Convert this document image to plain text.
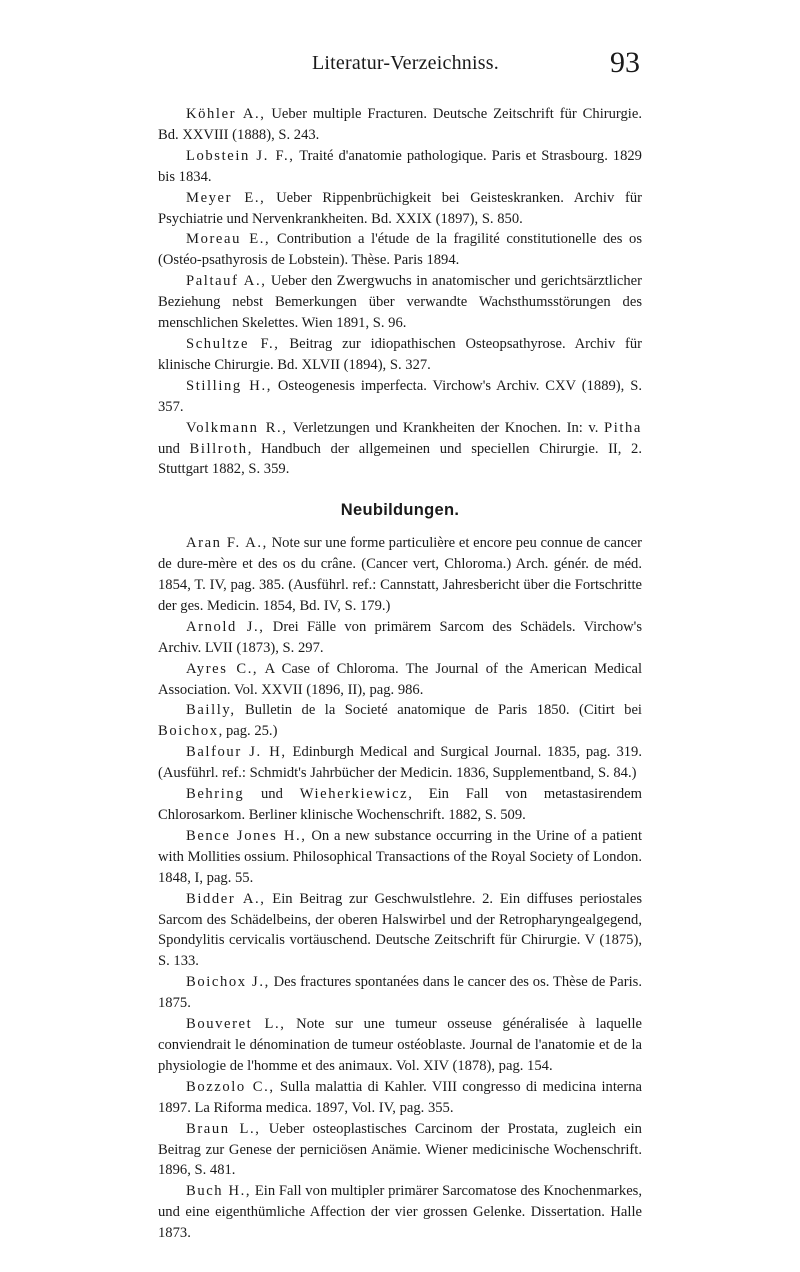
Literatur-Verzeichniss.	93

Köhler A., Ueber multiple Fracturen. Deutsche Zeitschrift für Chirurgie. Bd. XXVIII (1888), S. 243.

Lobstein J. F., Traité d'anatomie pathologique. Paris et Strasbourg. 1829 bis 1834.

Meyer E., Ueber Rippenbrüchigkeit bei Geisteskranken. Archiv für Psychiatrie und Nervenkrankheiten. Bd. XXIX (1897), S. 850.

Moreau E., Contribution a l'étude de la fragilité constitutionelle des os (Ostéo-psathyrosis de Lobstein). Thèse. Paris 1894.

Paltauf A., Ueber den Zwergwuchs in anatomischer und gerichtsärztlicher Beziehung nebst Bemerkungen über verwandte Wachsthumsstörungen des menschlichen Skelettes. Wien 1891, S. 96.

Schultze F., Beitrag zur idiopathischen Osteopsathyrose. Archiv für klinische Chirurgie. Bd. XLVII (1894), S. 327.

Stilling H., Osteogenesis imperfecta. Virchow's Archiv. CXV (1889), S. 357.

Volkmann R., Verletzungen und Krankheiten der Knochen. In: v. Pitha und Billroth, Handbuch der allgemeinen und speciellen Chirurgie. II, 2. Stuttgart 1882, S. 359.

Neubildungen.

Aran F. A., Note sur une forme particulière et encore peu connue de cancer de dure-mère et des os du crâne. (Cancer vert, Chloroma.) Arch. génér. de méd. 1854, T. IV, pag. 385. (Ausführl. ref.: Cannstatt, Jahresbericht über die Fortschritte der ges. Medicin. 1854, Bd. IV, S. 179.)

Arnold J., Drei Fälle von primärem Sarcom des Schädels. Virchow's Archiv. LVII (1873), S. 297.

Ayres C., A Case of Chloroma. The Journal of the American Medical Association. Vol. XXVII (1896, II), pag. 986.

Bailly, Bulletin de la Societé anatomique de Paris 1850. (Citirt bei Boichox, pag. 25.)

Balfour J. H, Edinburgh Medical and Surgical Journal. 1835, pag. 319. (Ausführl. ref.: Schmidt's Jahrbücher der Medicin. 1836, Supplementband, S. 84.)

Behring und Wieherkiewicz, Ein Fall von metastasirendem Chlorosarkom. Berliner klinische Wochenschrift. 1882, S. 509.

Bence Jones H., On a new substance occurring in the Urine of a patient with Mollities ossium. Philosophical Transactions of the Royal Society of London. 1848, I, pag. 55.

Bidder A., Ein Beitrag zur Geschwulstlehre. 2. Ein diffuses periostales Sarcom des Schädelbeins, der oberen Halswirbel und der Retropharyngealgegend, Spondylitis cervicalis vortäuschend. Deutsche Zeitschrift für Chirurgie. V (1875), S. 133.

Boichox J., Des fractures spontanées dans le cancer des os. Thèse de Paris. 1875.

Bouveret L., Note sur une tumeur osseuse généralisée à laquelle conviendrait le dénomination de tumeur ostéoblaste. Journal de l'anatomie et de la physiologie de l'homme et des animaux. Vol. XIV (1878), pag. 154.

Bozzolo C., Sulla malattia di Kahler. VIII congresso di medicina interna 1897. La Riforma medica. 1897, Vol. IV, pag. 355.

Braun L., Ueber osteoplastisches Carcinom der Prostata, zugleich ein Beitrag zur Genese der perniciösen Anämie. Wiener medicinische Wochenschrift. 1896, S. 481.

Buch H., Ein Fall von multipler primärer Sarcomatose des Knochenmarkes, und eine eigenthümliche Affection der vier grossen Gelenke. Dissertation. Halle 1873.
